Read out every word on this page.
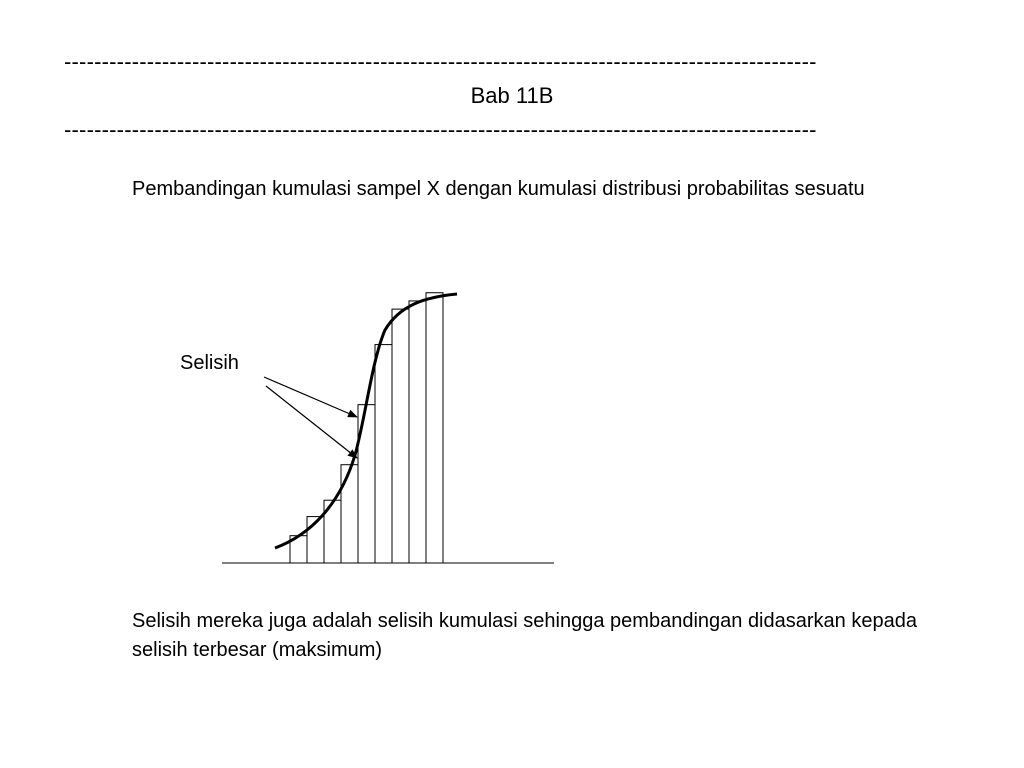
----------------------------------------------------------------------------------------------------
Bab 11B
----------------------------------------------------------------------------------------------------

Pembandingan kumulasi sampel X dengan kumulasi distribusi probabilitas sesuatu

Selisih

Selisih mereka juga adalah selisih kumulasi sehingga pembandingan didasarkan kepada selisih terbesar (maksimum)
